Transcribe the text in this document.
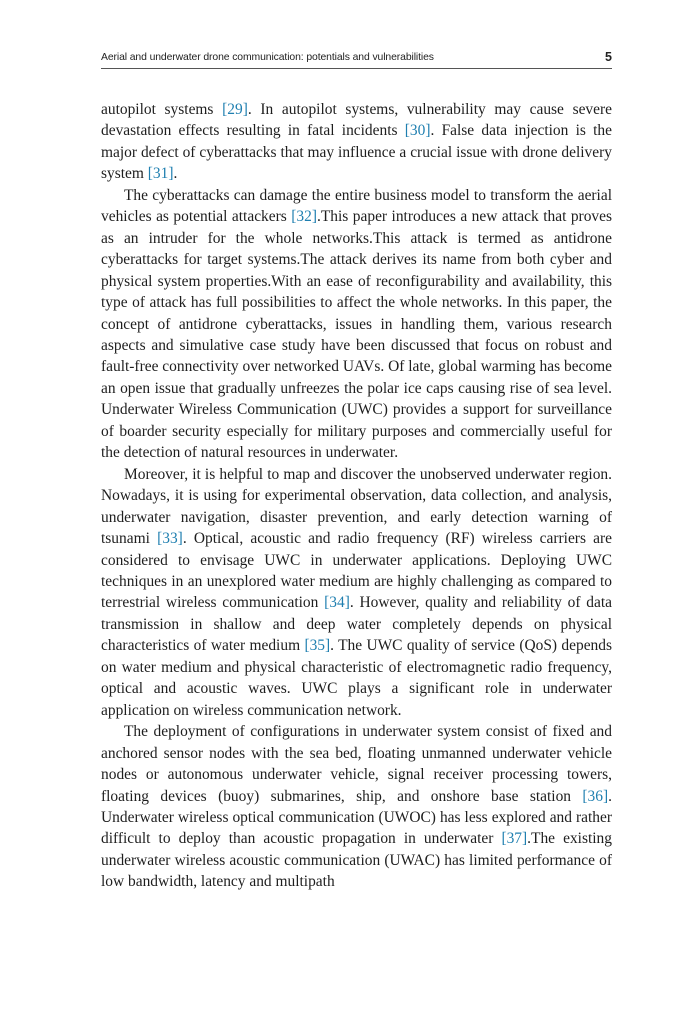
Aerial and underwater drone communication: potentials and vulnerabilities	5

autopilot systems [29]. In autopilot systems, vulnerability may cause severe devastation effects resulting in fatal incidents [30]. False data injection is the major defect of cyberattacks that may influence a crucial issue with drone delivery system [31].

The cyberattacks can damage the entire business model to transform the aerial vehicles as potential attackers [32].This paper introduces a new attack that proves as an intruder for the whole networks.This attack is termed as antidrone cyberattacks for target systems.The attack derives its name from both cyber and physical system properties.With an ease of reconfigurability and availability, this type of attack has full possibilities to affect the whole networks. In this paper, the concept of antidrone cyberattacks, issues in handling them, various research aspects and simulative case study have been discussed that focus on robust and fault-free connectivity over networked UAVs. Of late, global warming has become an open issue that gradually unfreezes the polar ice caps causing rise of sea level. Underwater Wireless Communication (UWC) provides a support for surveillance of boarder security especially for military purposes and commercially useful for the detection of natural resources in underwater.

Moreover, it is helpful to map and discover the unobserved underwater region. Nowadays, it is using for experimental observation, data collection, and analysis, underwater navigation, disaster prevention, and early detection warning of tsunami [33]. Optical, acoustic and radio frequency (RF) wireless carriers are considered to envisage UWC in underwater applications. Deploying UWC techniques in an unexplored water medium are highly challenging as compared to terrestrial wireless communication [34]. However, quality and reliability of data transmission in shallow and deep water completely depends on physical characteristics of water medium [35]. The UWC quality of service (QoS) depends on water medium and physical characteristic of electromagnetic radio frequency, optical and acoustic waves. UWC plays a significant role in underwater application on wireless communication network.

The deployment of configurations in underwater system consist of fixed and anchored sensor nodes with the sea bed, floating unmanned underwater vehicle nodes or autonomous underwater vehicle, signal receiver processing towers, floating devices (buoy) submarines, ship, and onshore base station [36]. Underwater wireless optical communication (UWOC) has less explored and rather difficult to deploy than acoustic propagation in underwater [37].The existing underwater wireless acoustic communication (UWAC) has limited performance of low bandwidth, latency and multipath
